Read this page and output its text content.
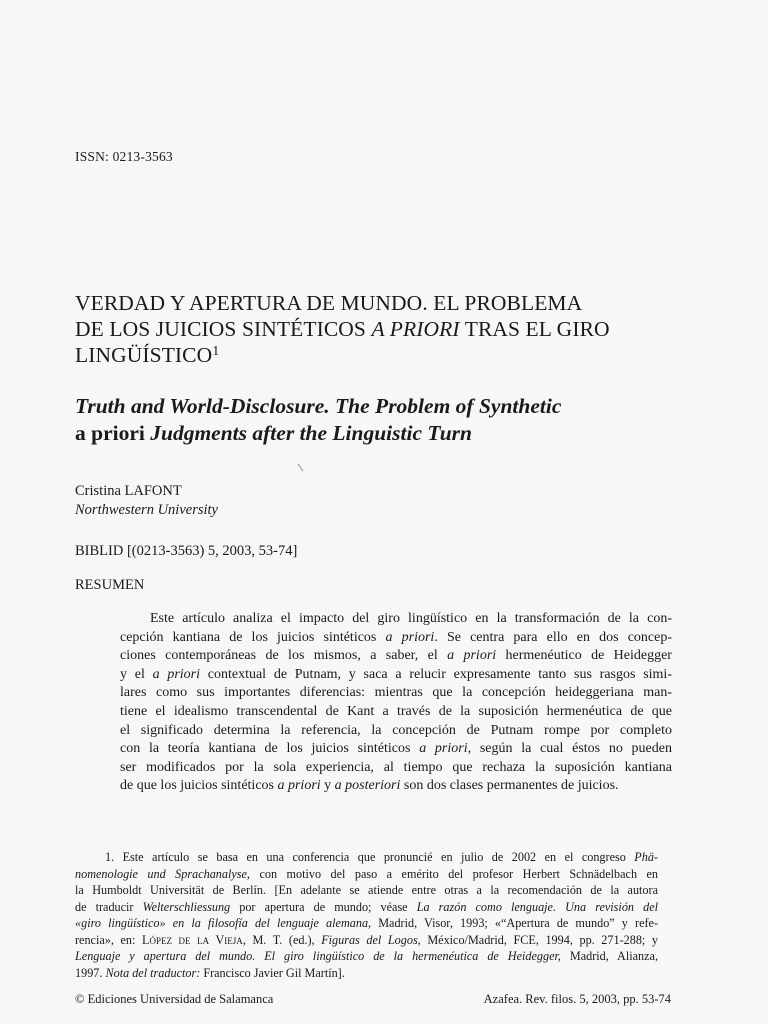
ISSN: 0213-3563
VERDAD Y APERTURA DE MUNDO. EL PROBLEMA
DE LOS JUICIOS SINTÉTICOS A PRIORI TRAS EL GIRO
LINGÜÍSTICO$^1$
Truth and World-Disclosure. The Problem of Synthetic
a priori Judgments after the Linguistic Turn
Cristina LAFONT
Northwestern University
BIBLID [(0213-3563) 5, 2003, 53-74]
RESUMEN

Este artículo analiza el impacto del giro lingüístico en la transformación de la con-
cepción kantiana de los juicios sintéticos a priori. Se centra para ello en dos concep-
ciones contemporáneas de los mismos, a saber, el a priori hermenéutico de Heidegger
y el a priori contextual de Putnam, y saca a relucir expresamente tanto sus rasgos simi-
lares como sus importantes diferencias: mientras que la concepción heideggeriana man-
tiene el idealismo transcendental de Kant a través de la suposición hermenéutica de que
el significado determina la referencia, la concepción de Putnam rompe por completo
con la teoría kantiana de los juicios sintéticos a priori, según la cual éstos no pueden
ser modificados por la sola experiencia, al tiempo que rechaza la suposición kantiana
de que los juicios sintéticos a priori y a posteriori son dos clases permanentes de juicios.

1. Este artículo se basa en una conferencia que pronuncié en julio de 2002 en el congreso Phä-
nomenologie und Sprachanalyse, con motivo del paso a emérito del profesor Herbert Schnädelbach en
la Humboldt Universität de Berlín. [En adelante se atiende entre otras a la recomendación de la autora
de traducir Welterschliessung por apertura de mundo; véase La razón como lenguaje. Una revisión del
«giro lingüístico» en la filosofía del lenguaje alemana, Madrid, Visor, 1993; «“Apertura de mundo” y refe-
rencia», en: López de la Vieja, M. T. (ed.), Figuras del Logos, México/Madrid, FCE, 1994, pp. 271-288; y
Lenguaje y apertura del mundo. El giro lingüístico de la hermenéutica de Heidegger, Madrid, Alianza,
1997. Nota del traductor: Francisco Javier Gil Martín].

© Ediciones Universidad de Salamanca	Azafea. Rev. filos. 5, 2003, pp. 53-74
